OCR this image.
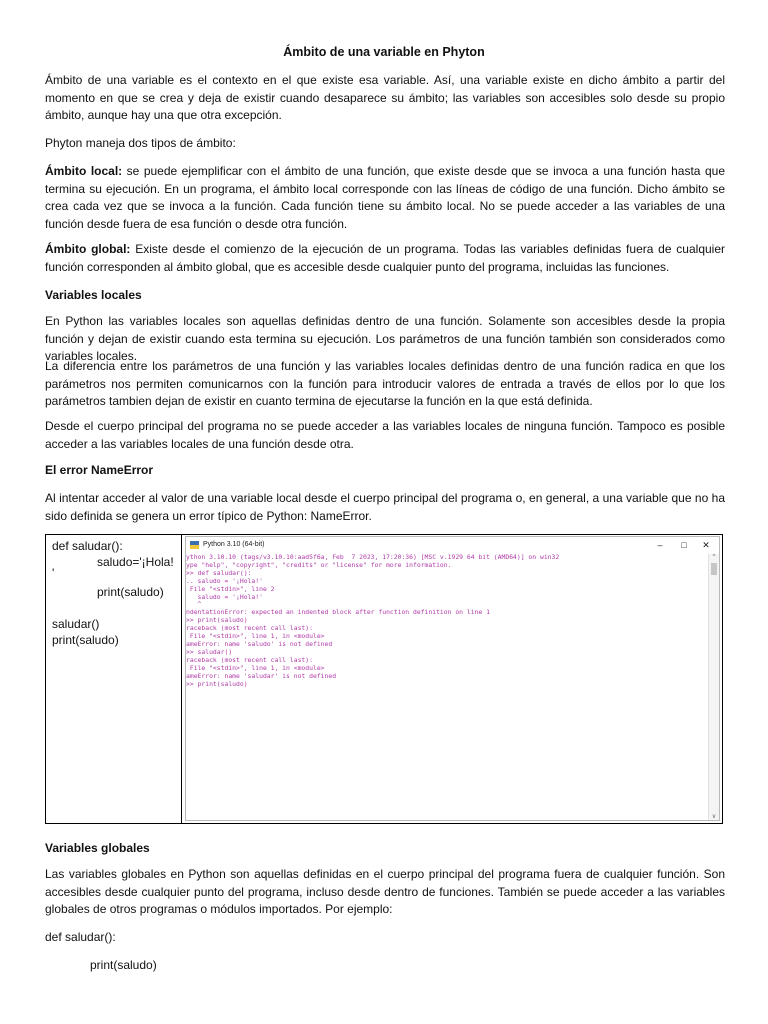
Ámbito de una variable en Phyton

Ámbito de una variable es el contexto en el que existe esa variable. Así, una variable existe en dicho ámbito a partir del momento en que se crea y deja de existir cuando desaparece su ámbito; las variables son accesibles solo desde su propio ámbito, aunque hay una que otra excepción.

Phyton maneja dos tipos de ámbito:

Ámbito local: se puede ejemplificar con el ámbito de una función, que existe desde que se invoca a una función hasta que termina su ejecución. En un programa, el ámbito local corresponde con las líneas de código de una función. Dicho ámbito se crea cada vez que se invoca a la función. Cada función tiene su ámbito local. No se puede acceder a las variables de una función desde fuera de esa función o desde otra función.

Ámbito global: Existe desde el comienzo de la ejecución de un programa. Todas las variables definidas fuera de cualquier función corresponden al ámbito global, que es accesible desde cualquier punto del programa, incluidas las funciones.

Variables locales

En Python las variables locales son aquellas definidas dentro de una función. Solamente son accesibles desde la propia función y dejan de existir cuando esta termina su ejecución. Los parámetros de una función también son considerados como variables locales.

La diferencia entre los parámetros de una función y las variables locales definidas dentro de una función radica en que los parámetros nos permiten comunicarnos con la función para introducir valores de entrada a través de ellos por lo que los parámetros tambien dejan de existir en cuanto termina de ejecutarse la función en la que está definida.

Desde el cuerpo principal del programa no se puede acceder a las variables locales de ninguna función. Tampoco es posible acceder a las variables locales de una función desde otra.

El error NameError

Al intentar acceder al valor de una variable local desde el cuerpo principal del programa o, en general, a una variable que no ha sido definida se genera un error típico de Python: NameError.

def saludar():
saludo='¡Hola!
'
print(saludo)
saludar()
print(saludo)
Python 3.10 (64-bit)	–	□	✕
ython 3.10.10 (tags/v3.10.10:aad5f6a, Feb  7 2023, 17:20:36) [MSC v.1929 64 bit (AMD64)] on win32
ype "help", "copyright", "credits" or "license" for more information.
>> def saludar():
.. saludo = '¡Hola!'
File "<stdin>", line 2
saludo = '¡Hola!'
^
ndentationError: expected an indented block after function definition on line 1
>> print(saludo)
raceback (most recent call last):
File "<stdin>", line 1, in <module>
ameError: name 'saludo' is not defined
>> saludar()
raceback (most recent call last):
File "<stdin>", line 1, in <module>
ameError: name 'saludar' is not defined
>> print(saludo)
^
v

Variables globales

Las variables globales en Python son aquellas definidas en el cuerpo principal del programa fuera de cualquier función. Son accesibles desde cualquier punto del programa, incluso desde dentro de funciones. También se puede acceder a las variables globales de otros programas o módulos importados. Por ejemplo:

def saludar():

print(saludo)
